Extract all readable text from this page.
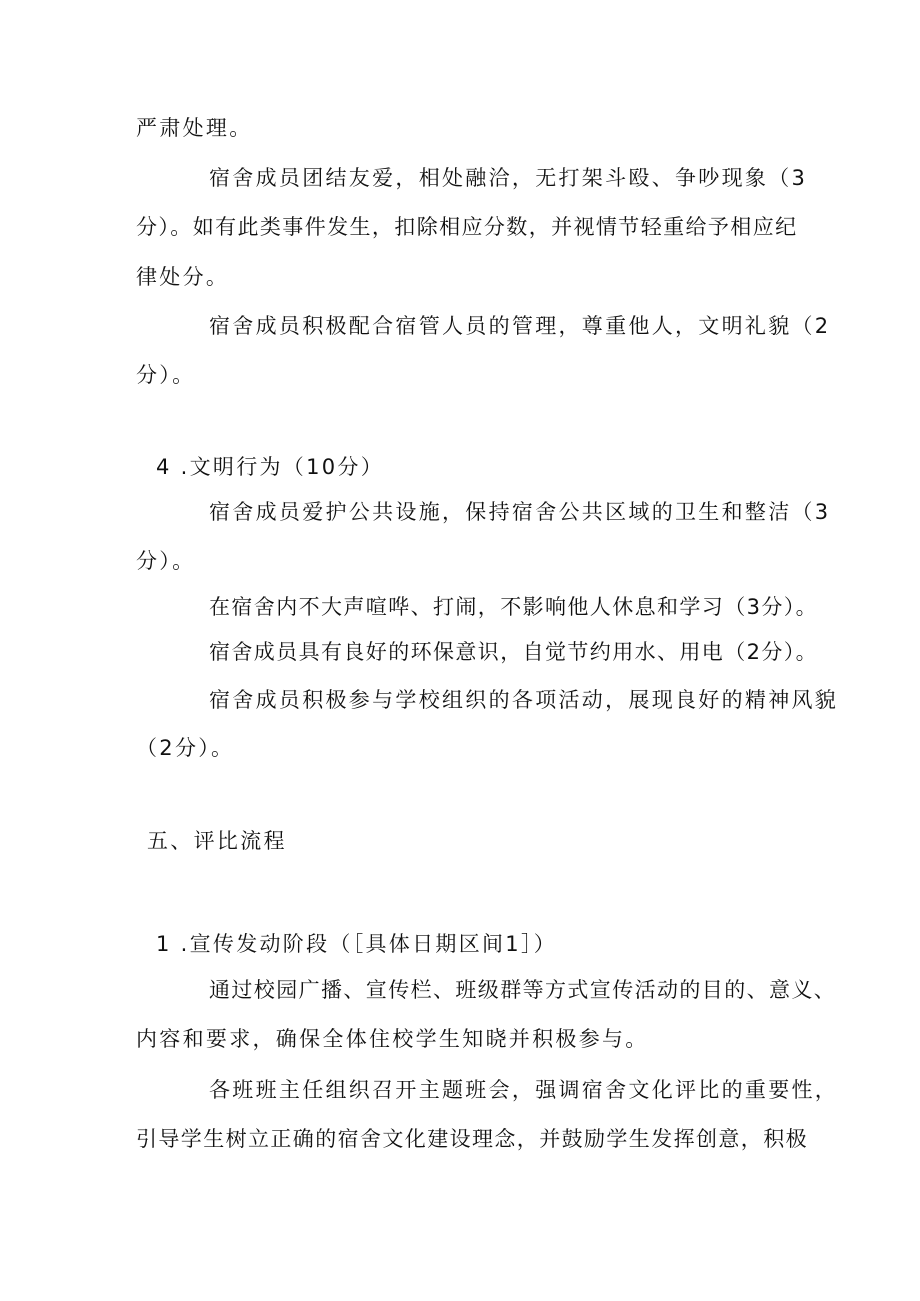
严肃处理。
宿舍成员团结友爱，相处融洽，无打架斗殴、争吵现象（3
分）。如有此类事件发生，扣除相应分数，并视情节轻重给予相应纪
律处分。
宿舍成员积极配合宿管人员的管理，尊重他人，文明礼貌（2
分）。
4 .文明行为（10分）
宿舍成员爱护公共设施，保持宿舍公共区域的卫生和整洁（3
分）。
在宿舍内不大声喧哗、打闹，不影响他人休息和学习（3分）。
宿舍成员具有良好的环保意识，自觉节约用水、用电（2分）。
宿舍成员积极参与学校组织的各项活动，展现良好的精神风貌
（2分）。
五、评比流程
1 .宣传发动阶段（［具体日期区间1］）
通过校园广播、宣传栏、班级群等方式宣传活动的目的、意义、
内容和要求，确保全体住校学生知晓并积极参与。
各班班主任组织召开主题班会，强调宿舍文化评比的重要性，
引导学生树立正确的宿舍文化建设理念，并鼓励学生发挥创意，积极
